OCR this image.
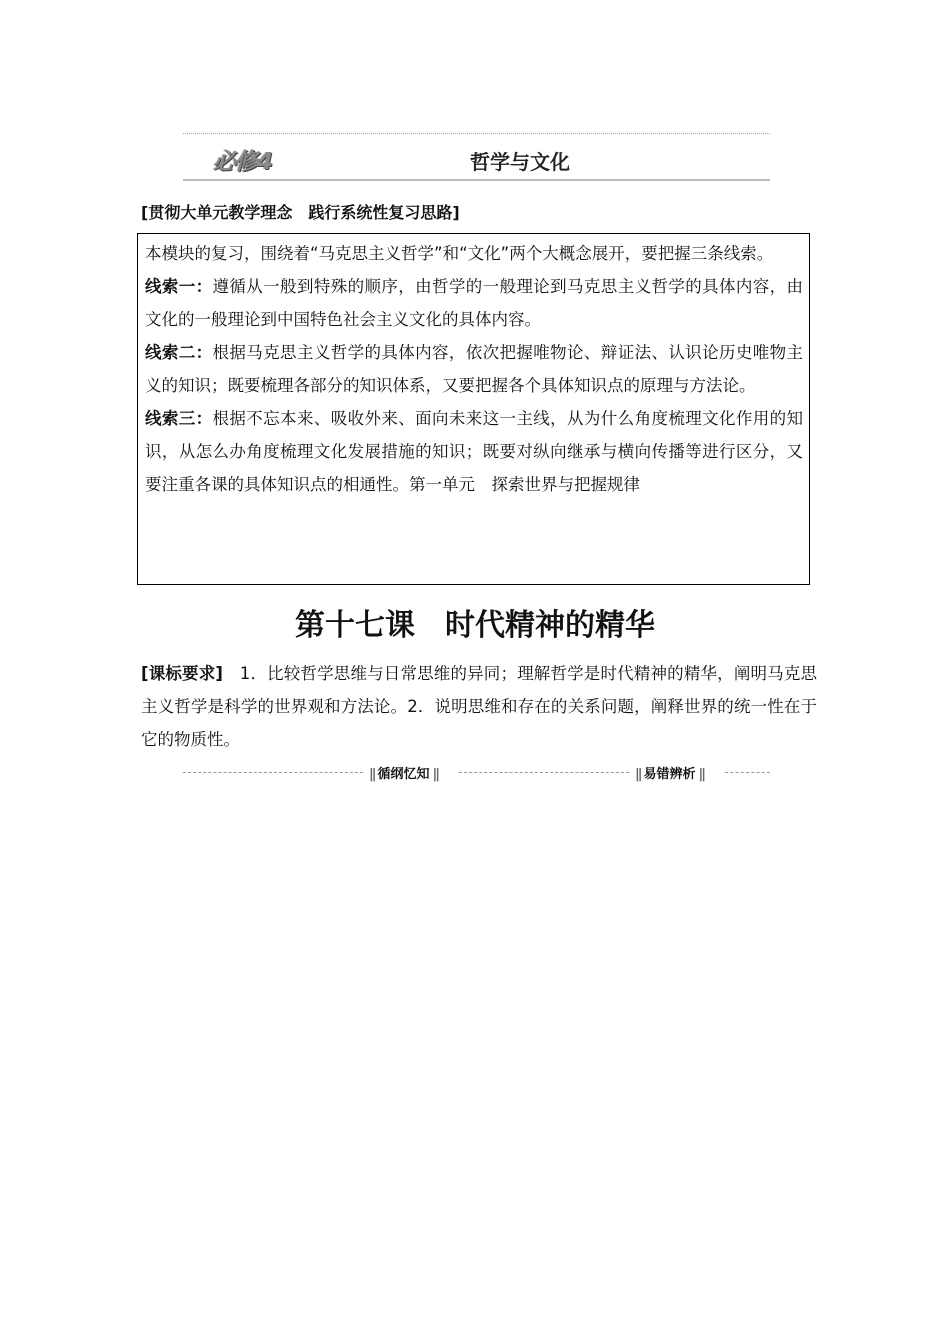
必修4	哲学与文化
[贯彻大单元教学理念　践行系统性复习思路]

本模块的复习，围绕着“马克思主义哲学”和“文化”两个大概念展开，要把握三条线索。

线索一：遵循从一般到特殊的顺序，由哲学的一般理论到马克思主义哲学的具体内容，由文化的一般理论到中国特色社会主义文化的具体内容。

线索二：根据马克思主义哲学的具体内容，依次把握唯物论、辩证法、认识论历史唯物主义的知识；既要梳理各部分的知识体系，又要把握各个具体知识点的原理与方法论。

线索三：根据不忘本来、吸收外来、面向未来这一主线，从为什么角度梳理文化作用的知识，从怎么办角度梳理文化发展措施的知识；既要对纵向继承与横向传播等进行区分，又要注重各课的具体知识点的相通性。第一单元　探索世界与把握规律

第十七课　时代精神的精华
[课标要求]　1．比较哲学思维与日常思维的异同；理解哲学是时代精神的精华，阐明马克思主义哲学是科学的世界观和方法论。2．说明思维和存在的关系问题，阐释世界的统一性在于它的物质性。
|| 循纲忆知 ||
||	易错辨析 ||
